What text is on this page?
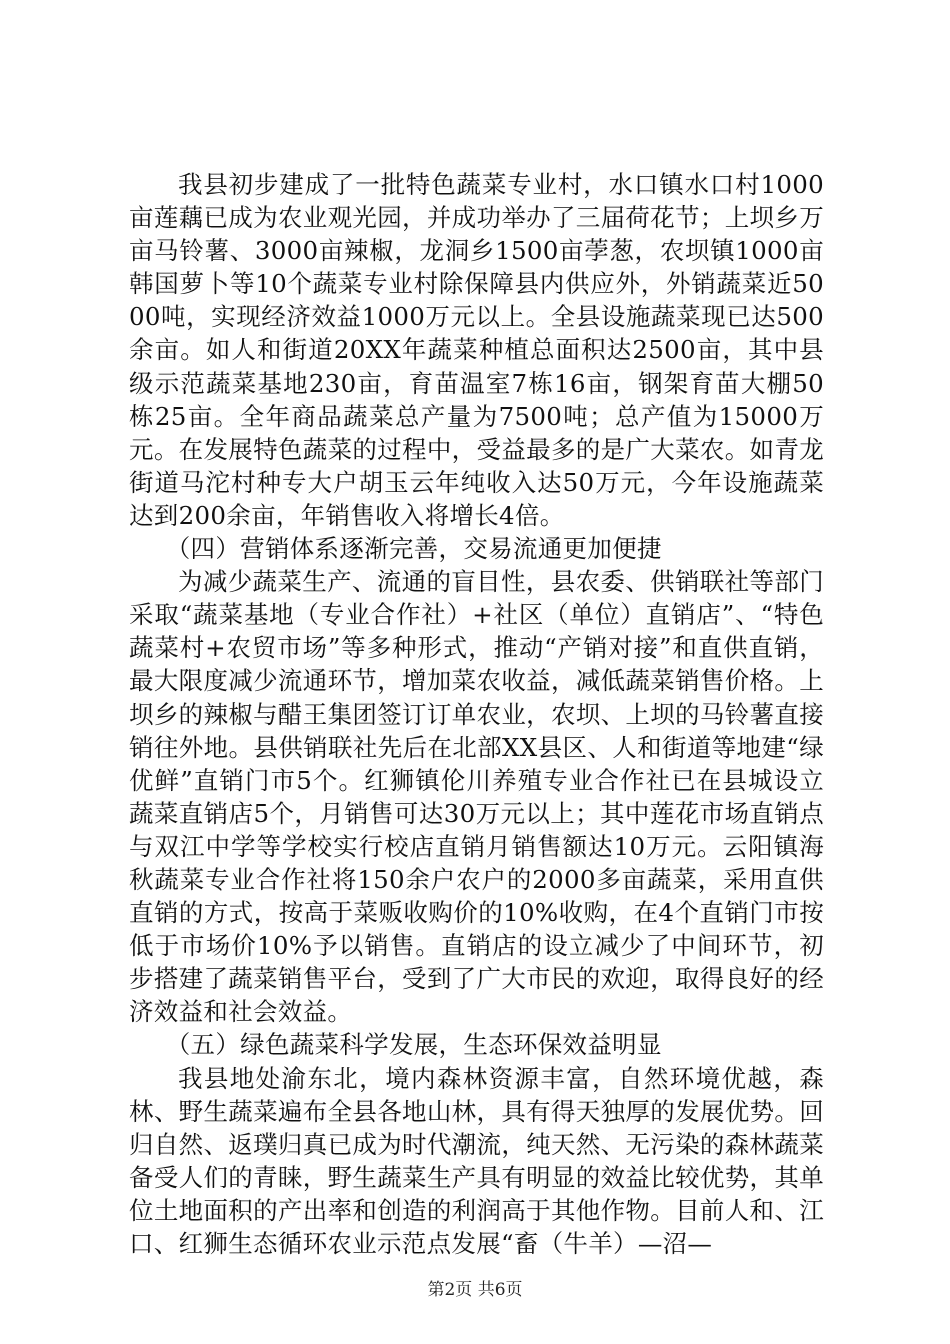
我县初步建成了一批特色蔬菜专业村，水口镇水口村1000亩莲藕已成为农业观光园，并成功举办了三届荷花节；上坝乡万亩马铃薯、3000亩辣椒，龙洞乡1500亩荸葱，农坝镇1000亩韩国萝卜等10个蔬菜专业村除保障县内供应外，外销蔬菜近5000吨，实现经济效益1000万元以上。全县设施蔬菜现已达500余亩。如人和街道20XX年蔬菜种植总面积达2500亩，其中县级示范蔬菜基地230亩，育苗温室7栋16亩，钢架育苗大棚50栋25亩。全年商品蔬菜总产量为7500吨；总产值为15000万元。在发展特色蔬菜的过程中，受益最多的是广大菜农。如青龙街道马沱村种专大户胡玉云年纯收入达50万元，今年设施蔬菜达到200余亩，年销售收入将增长4倍。

（四）营销体系逐渐完善，交易流通更加便捷

为减少蔬菜生产、流通的盲目性，县农委、供销联社等部门采取“蔬菜基地（专业合作社）+社区（单位）直销店”、“特色蔬菜村+农贸市场”等多种形式，推动“产销对接”和直供直销，最大限度减少流通环节，增加菜农收益，减低蔬菜销售价格。上坝乡的辣椒与醋王集团签订订单农业，农坝、上坝的马铃薯直接销往外地。县供销联社先后在北部XX县区、人和街道等地建“绿优鲜”直销门市5个。红狮镇伦川养殖专业合作社已在县城设立蔬菜直销店5个，月销售可达30万元以上；其中莲花市场直销点与双江中学等学校实行校店直销月销售额达10万元。云阳镇海秋蔬菜专业合作社将150余户农户的2000多亩蔬菜，采用直供直销的方式，按高于菜贩收购价的10%收购，在4个直销门市按低于市场价10%予以销售。直销店的设立减少了中间环节，初步搭建了蔬菜销售平台，受到了广大市民的欢迎，取得良好的经济效益和社会效益。

（五）绿色蔬菜科学发展，生态环保效益明显

我县地处渝东北，境内森林资源丰富，自然环境优越，森林、野生蔬菜遍布全县各地山林，具有得天独厚的发展优势。回归自然、返璞归真已成为时代潮流，纯天然、无污染的森林蔬菜备受人们的青睐，野生蔬菜生产具有明显的效益比较优势，其单位土地面积的产出率和创造的利润高于其他作物。目前人和、江口、红狮生态循环农业示范点发展“畜（牛羊）—沼—

第2页 共6页
